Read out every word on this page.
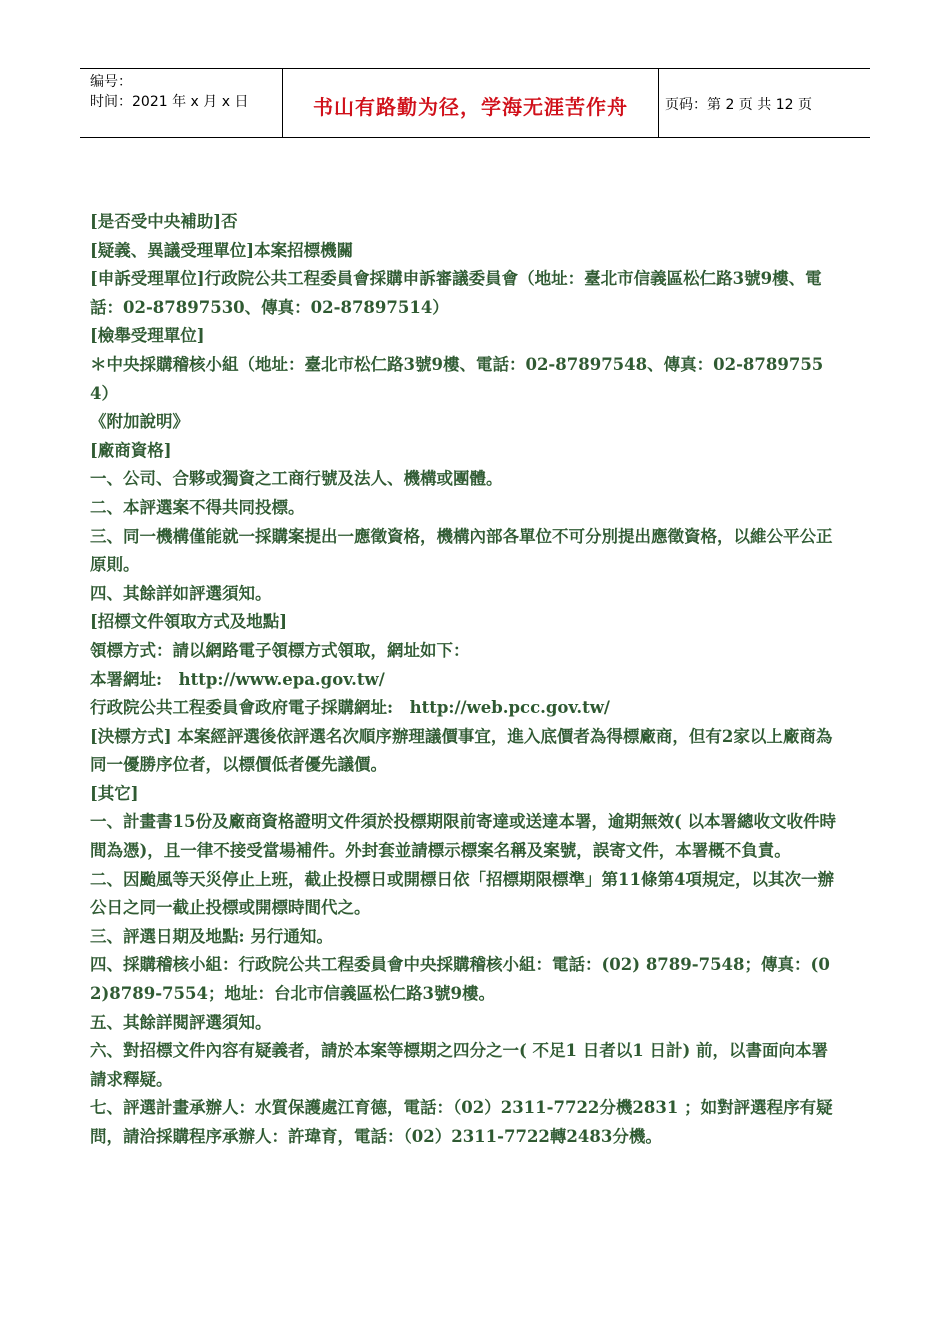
编号：
时间：2021 年 x 月 x 日	书山有路勤为径，学海无涯苦作舟	页码：第 2 页 共 12 页

[是否受中央補助]否

[疑義、異議受理單位]本案招標機關

[申訴受理單位]行政院公共工程委員會採購申訴審議委員會（地址：臺北市信義區松仁路3號9樓、電話：02-87897530、傳真：02-87897514）

[檢舉受理單位]

＊中央採購稽核小組（地址：臺北市松仁路3號9樓、電話：02-87897548、傳真：02-87897554）

《附加說明》

[廠商資格]

一、公司、合夥或獨資之工商行號及法人、機構或團體。

二、本評選案不得共同投標。

三、同一機構僅能就一採購案提出一應徵資格，機構內部各單位不可分別提出應徵資格，以維公平公正原則。

四、其餘詳如評選須知。

[招標文件領取方式及地點]

領標方式：請以網路電子領標方式領取，網址如下：

本署網址:　http://www.epa.gov.tw/

行政院公共工程委員會政府電子採購網址:　http://web.pcc.gov.tw/

[決標方式] 本案經評選後依評選名次順序辦理議價事宜，進入底價者為得標廠商，但有2家以上廠商為同一優勝序位者，以標價低者優先議價。

[其它]

一、計畫書15份及廠商資格證明文件須於投標期限前寄達或送達本署，逾期無效( 以本署總收文收件時間為憑)，且一律不接受當場補件。外封套並請標示標案名稱及案號，誤寄文件，本署概不負責。

二、因颱風等天災停止上班，截止投標日或開標日依「招標期限標準」第11條第4項規定，以其次一辦公日之同一截止投標或開標時間代之。

三、評選日期及地點: 另行通知。

四、採購稽核小組：行政院公共工程委員會中央採購稽核小組：電話：(02) 8789-7548；傳真：(02)8789-7554；地址：台北市信義區松仁路3號9樓。

五、其餘詳閱評選須知。

六、對招標文件內容有疑義者，請於本案等標期之四分之一( 不足1 日者以1 日計) 前，以書面向本署請求釋疑。

七、評選計畫承辦人：水質保護處江育德，電話：（02）2311-7722分機2831 ；如對評選程序有疑問，請洽採購程序承辦人：許瑋育，電話：（02）2311-7722轉2483分機。
